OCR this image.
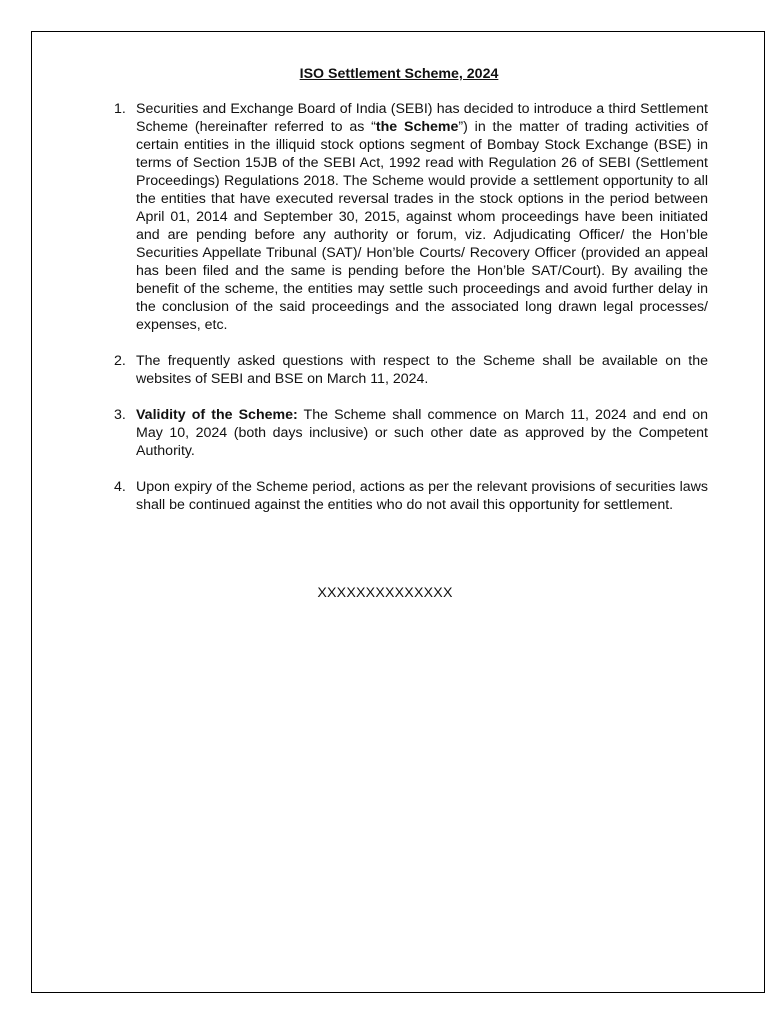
ISO Settlement Scheme, 2024
1. Securities and Exchange Board of India (SEBI) has decided to introduce a third Settlement Scheme (hereinafter referred to as “the Scheme”) in the matter of trading activities of certain entities in the illiquid stock options segment of Bombay Stock Exchange (BSE) in terms of Section 15JB of the SEBI Act, 1992 read with Regulation 26 of SEBI (Settlement Proceedings) Regulations 2018. The Scheme would provide a settlement opportunity to all the entities that have executed reversal trades in the stock options in the period between April 01, 2014 and September 30, 2015, against whom proceedings have been initiated and are pending before any authority or forum, viz. Adjudicating Officer/ the Hon’ble Securities Appellate Tribunal (SAT)/ Hon’ble Courts/ Recovery Officer (provided an appeal has been filed and the same is pending before the Hon’ble SAT/Court). By availing the benefit of the scheme, the entities may settle such proceedings and avoid further delay in the conclusion of the said proceedings and the associated long drawn legal processes/ expenses, etc.
2. The frequently asked questions with respect to the Scheme shall be available on the websites of SEBI and BSE on March 11, 2024.
3. Validity of the Scheme: The Scheme shall commence on March 11, 2024 and end on May 10, 2024 (both days inclusive) or such other date as approved by the Competent Authority.
4. Upon expiry of the Scheme period, actions as per the relevant provisions of securities laws shall be continued against the entities who do not avail this opportunity for settlement.
XXXXXXXXXXXXXX
